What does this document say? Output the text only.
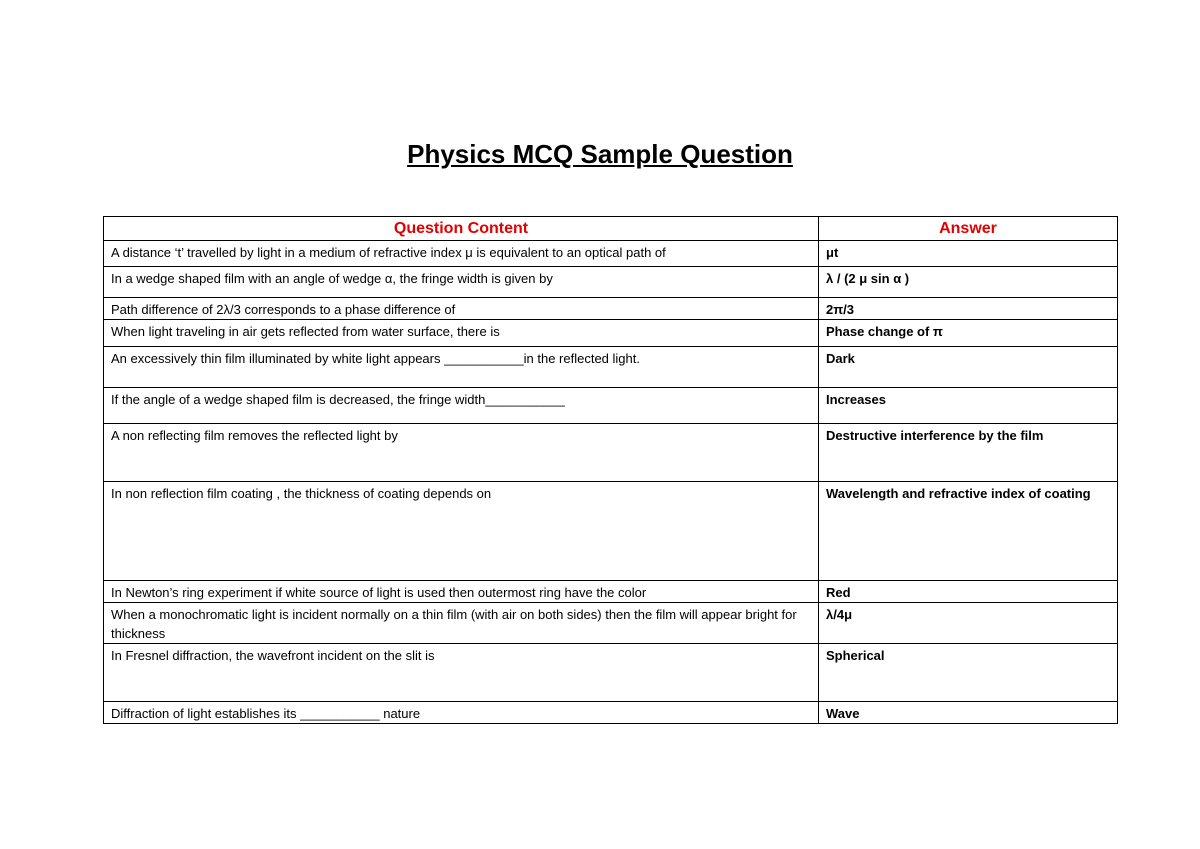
Physics MCQ Sample Question
Question Content	Answer
A distance ‘t’ travelled by light in a medium of refractive index μ is equivalent to an optical path of	μt
In a wedge shaped film with an angle of wedge α, the fringe width is given by	λ / (2 μ sin α )
Path difference of 2λ/3 corresponds to a phase difference of	2π/3
When light traveling in air gets reflected from water surface, there is	Phase change of π
An excessively thin film illuminated by white light appears ___________in the reflected light.	Dark
If the angle of a wedge shaped film is decreased, the fringe width___________	Increases
A non reflecting film removes the reflected light by	Destructive interference by the film
In non reflection film coating , the thickness of coating depends on	Wavelength and refractive index of coating
In Newton’s ring experiment if white source of light is used then outermost ring have the color	Red
When a monochromatic light is incident normally on a thin film (with air on both sides) then the film will appear bright for thickness	λ/4μ
In Fresnel diffraction, the wavefront incident on the slit is	Spherical
Diffraction of light establishes its ___________ nature	Wave
